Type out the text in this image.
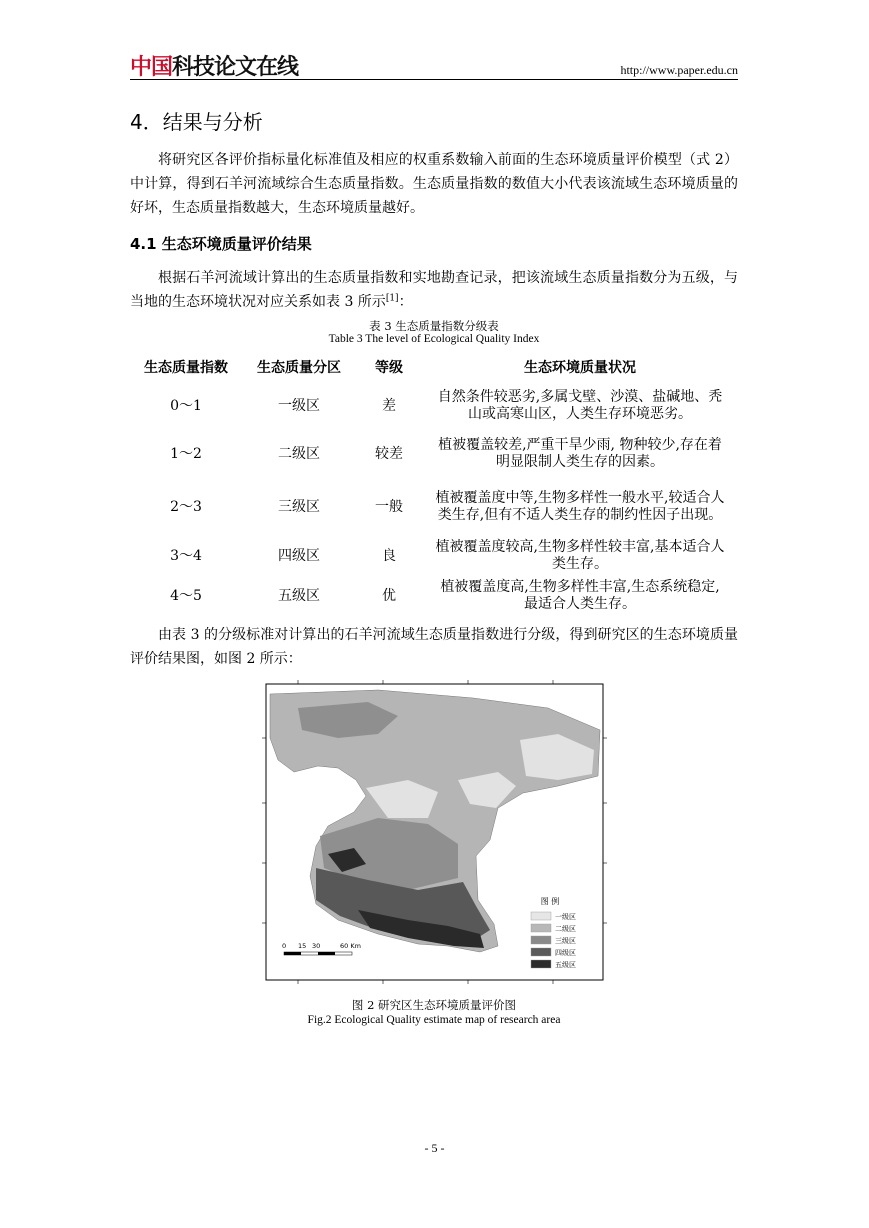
中国 科技论文在线	http://www.paper.edu.cn
4．结果与分析
将研究区各评价指标量化标准值及相应的权重系数输入前面的生态环境质量评价模型（式 2）中计算，得到石羊河流域综合生态质量指数。生态质量指数的数值大小代表该流域生态环境质量的好坏，生态质量指数越大，生态环境质量越好。
4.1 生态环境质量评价结果
根据石羊河流域计算出的生态质量指数和实地勘查记录，把该流域生态质量指数分为五级，与当地的生态环境状况对应关系如表 3 所示[1]：
表 3 生态质量指数分级表
Table 3 The level of Ecological Quality Index
生态质量指数	生态质量分区	等级	生态环境质量状况
0～1	一级区	差	自然条件较恶劣,多属戈壁、沙漠、盐碱地、秃山或高寒山区，人类生存环境恶劣。

1～2	二级区	较差	植被覆盖较差,严重干旱少雨, 物种较少,存在着明显限制人类生存的因素。

2～3	三级区	一般	植被覆盖度中等,生物多样性一般水平,较适合人类生存,但有不适人类生存的制约性因子出现。

3～4	四级区	良	植被覆盖度较高,生物多样性较丰富,基本适合人类生存。

4～5	五级区	优	植被覆盖度高,生物多样性丰富,生态系统稳定,最适合人类生存。
由表 3 的分级标准对计算出的石羊河流域生态质量指数进行分级，得到研究区的生态环境质量评价结果图，如图 2 所示：
图 例
一级区
二级区
三级区
四级区
五级区
0 15 30	60 Km
图 2 研究区生态环境质量评价图
Fig.2 Ecological Quality estimate map of research area
- 5 -
